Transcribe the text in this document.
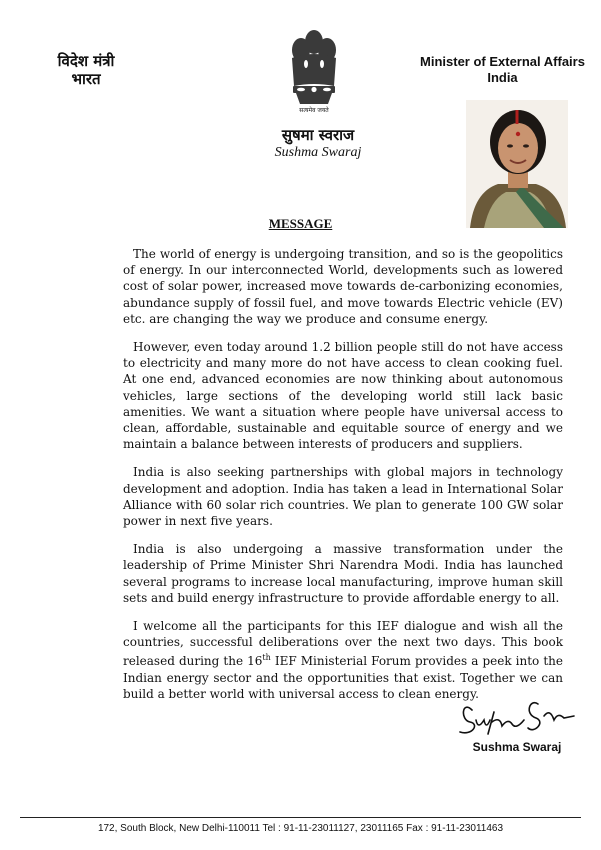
विदेश मंत्री
भारत
सत्यमेव जयते
सुषमा स्वराज
Sushma Swaraj
Minister of External Affairs
India
MESSAGE

The world of energy is undergoing transition, and so is the geopolitics of energy. In our interconnected World, developments such as lowered cost of solar power, increased move towards de-carbonizing economies, abundance supply of fossil fuel, and move towards Electric vehicle (EV) etc. are changing the way we produce and consume energy.

However, even today around 1.2 billion people still do not have access to electricity and many more do not have access to clean cooking fuel. At one end, advanced economies are now thinking about autonomous vehicles, large sections of the developing world still lack basic amenities. We want a situation where people have universal access to clean, affordable, sustainable and equitable source of energy and we maintain a balance between interests of producers and suppliers.

India is also seeking partnerships with global majors in technology development and adoption. India has taken a lead in International Solar Alliance with 60 solar rich countries. We plan to generate 100 GW solar power in next five years.

India is also undergoing a massive transformation under the leadership of Prime Minister Shri Narendra Modi. India has launched several programs to increase local manufacturing, improve human skill sets and build energy infrastructure to provide affordable energy to all.

I welcome all the participants for this IEF dialogue and wish all the countries, successful deliberations over the next two days. This book released during the 16th IEF Ministerial Forum provides a peek into the Indian energy sector and the opportunities that exist. Together we can build a better world with universal access to clean energy.

Sushma Swaraj
172, South Block, New Delhi-110011 Tel : 91-11-23011127, 23011165 Fax : 91-11-23011463
